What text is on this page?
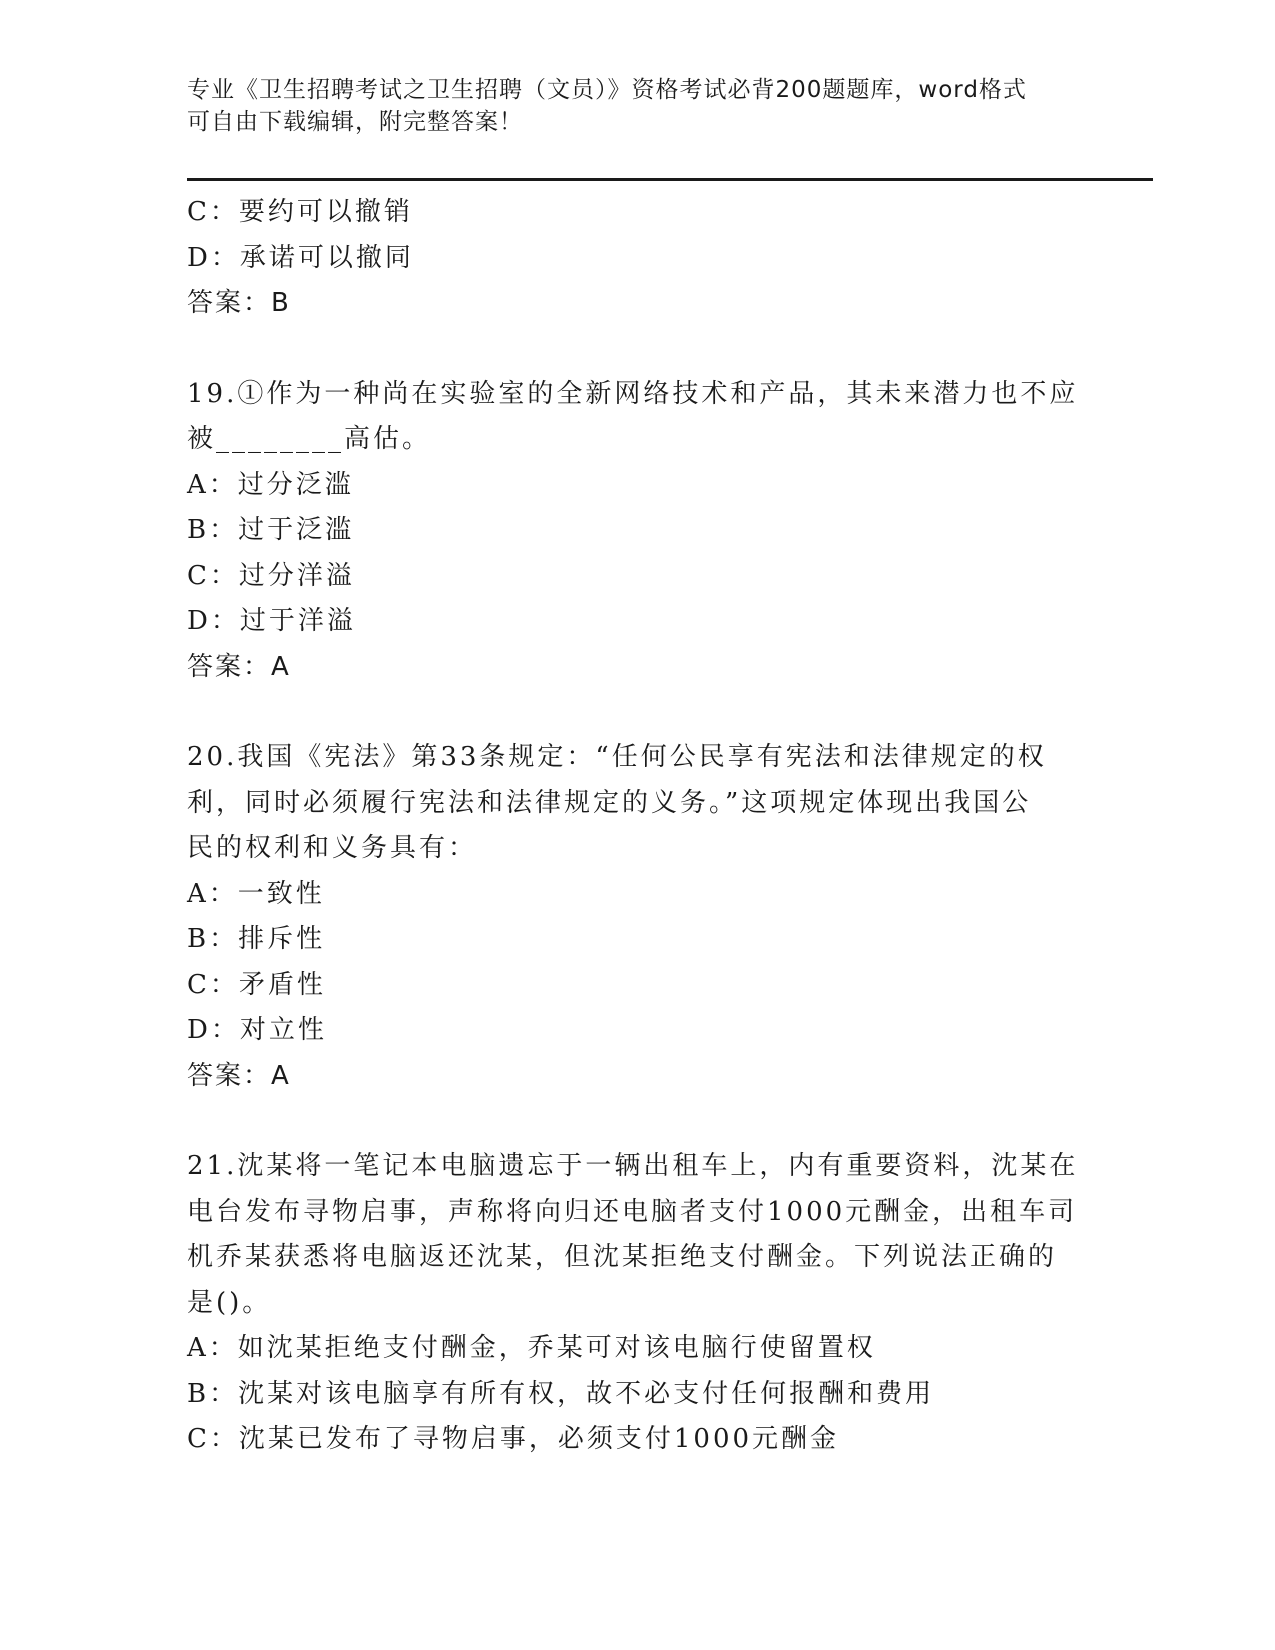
专业《卫生招聘考试之卫生招聘（文员）》资格考试必背200题题库，word格式
可自由下载编辑，附完整答案！
C：要约可以撤销
D：承诺可以撤同
答案：B
19.①作为一种尚在实验室的全新网络技术和产品，其未来潜力也不应
被________高估。
A：过分泛滥
B：过于泛滥
C：过分洋溢
D：过于洋溢
答案：A
20.我国《宪法》第33条规定：“任何公民享有宪法和法律规定的权
利，同时必须履行宪法和法律规定的义务。”这项规定体现出我国公
民的权利和义务具有：
A：一致性
B：排斥性
C：矛盾性
D：对立性
答案：A
21.沈某将一笔记本电脑遗忘于一辆出租车上，内有重要资料，沈某在
电台发布寻物启事，声称将向归还电脑者支付1000元酬金，出租车司
机乔某获悉将电脑返还沈某，但沈某拒绝支付酬金。下列说法正确的
是()。
A：如沈某拒绝支付酬金，乔某可对该电脑行使留置权
B：沈某对该电脑享有所有权，故不必支付任何报酬和费用
C：沈某已发布了寻物启事，必须支付1000元酬金
